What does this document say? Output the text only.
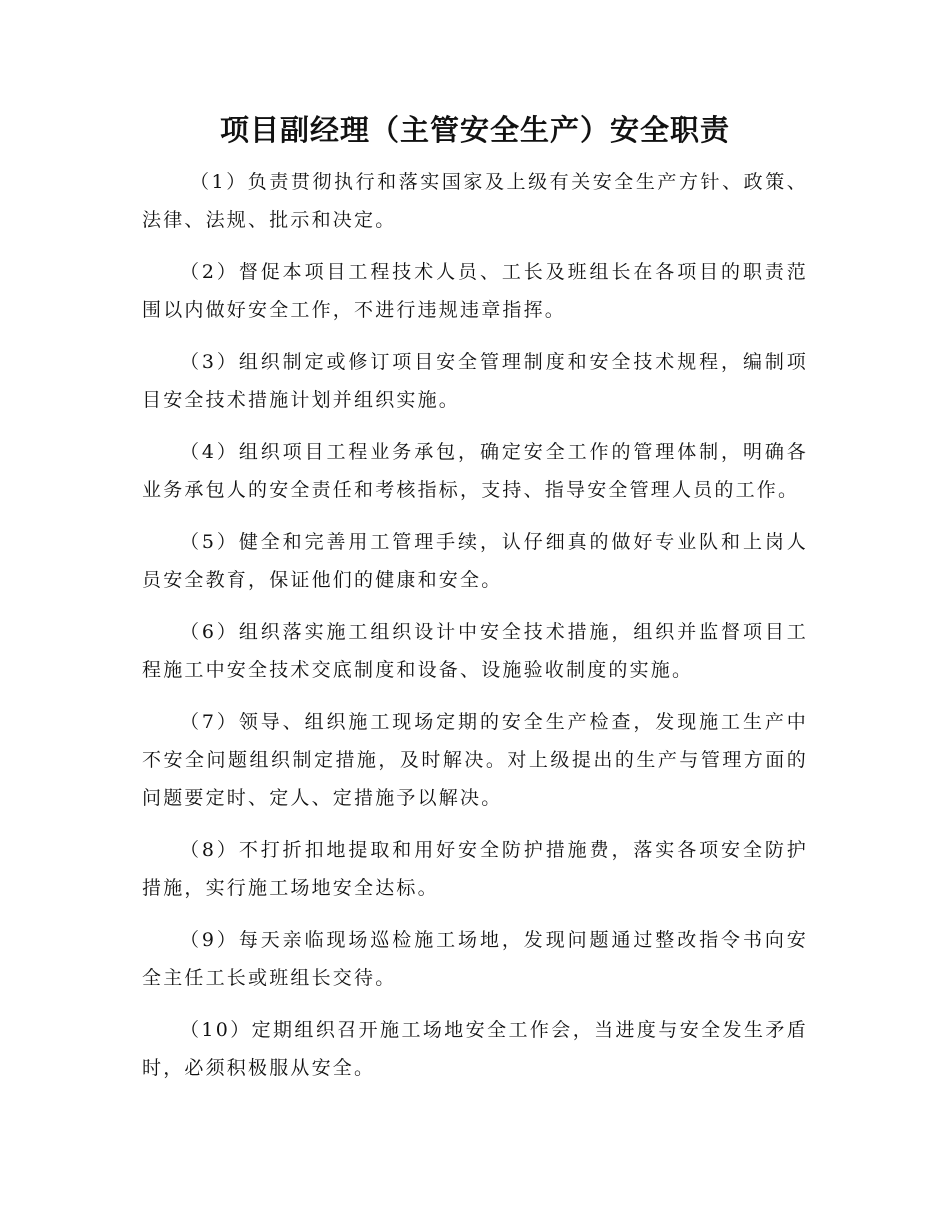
项目副经理（主管安全生产）安全职责
（1）负责贯彻执行和落实国家及上级有关安全生产方针、政策、法律、法规、批示和决定。
（2）督促本项目工程技术人员、工长及班组长在各项目的职责范围以内做好安全工作，不进行违规违章指挥。
（3）组织制定或修订项目安全管理制度和安全技术规程，编制项目安全技术措施计划并组织实施。
（4）组织项目工程业务承包，确定安全工作的管理体制，明确各业务承包人的安全责任和考核指标，支持、指导安全管理人员的工作。
（5）健全和完善用工管理手续，认仔细真的做好专业队和上岗人员安全教育，保证他们的健康和安全。
（6）组织落实施工组织设计中安全技术措施，组织并监督项目工程施工中安全技术交底制度和设备、设施验收制度的实施。
（7）领导、组织施工现场定期的安全生产检查，发现施工生产中不安全问题组织制定措施，及时解决。对上级提出的生产与管理方面的问题要定时、定人、定措施予以解决。
（8）不打折扣地提取和用好安全防护措施费，落实各项安全防护措施，实行施工场地安全达标。
（9）每天亲临现场巡检施工场地，发现问题通过整改指令书向安全主任工长或班组长交待。
（10）定期组织召开施工场地安全工作会，当进度与安全发生矛盾时，必须积极服从安全。
